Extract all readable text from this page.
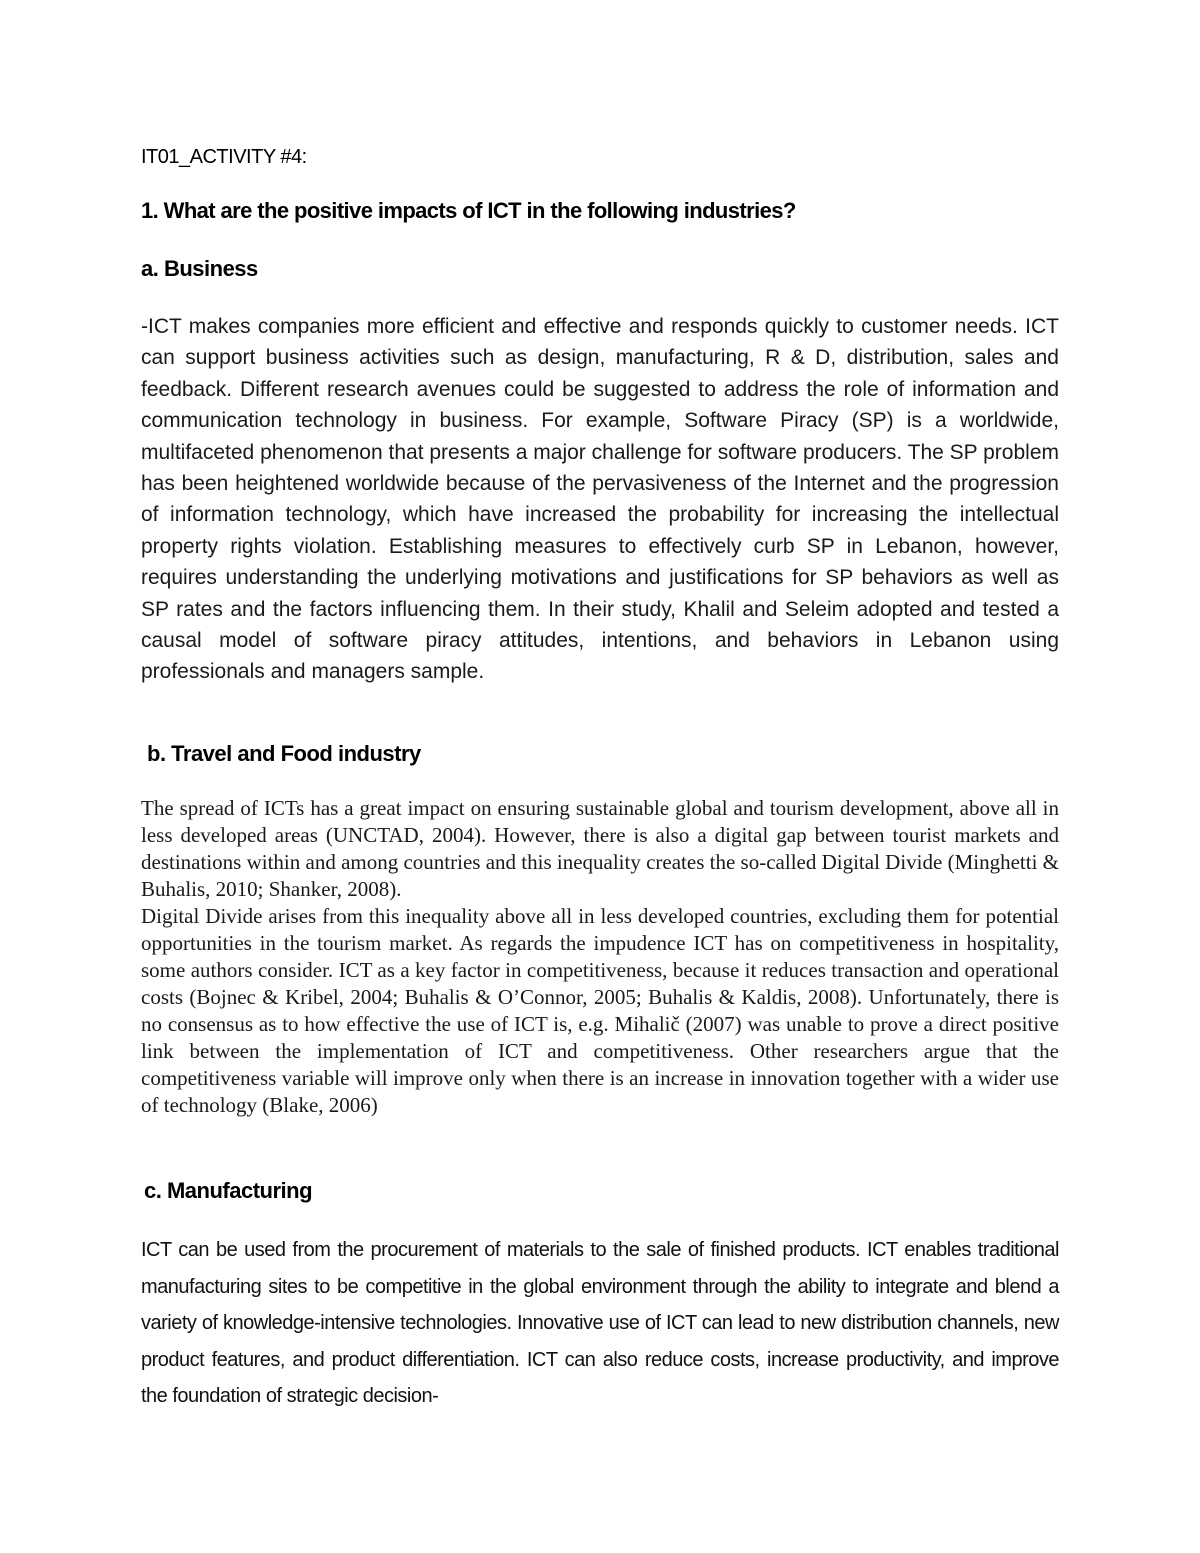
IT01_ACTIVITY #4:

1. What are the positive impacts of ICT in the following industries?

a. Business

-ICT makes companies more efficient and effective and responds quickly to customer needs. ICT can support business activities such as design, manufacturing, R & D, distribution, sales and feedback. Different research avenues could be suggested to address the role of information and communication technology in business. For example, Software Piracy (SP) is a worldwide, multifaceted phenomenon that presents a major challenge for software producers. The SP problem has been heightened worldwide because of the pervasiveness of the Internet and the progression of information technology, which have increased the probability for increasing the intellectual property rights violation. Establishing measures to effectively curb SP in Lebanon, however, requires understanding the underlying motivations and justifications for SP behaviors as well as SP rates and the factors influencing them. In their study, Khalil and Seleim adopted and tested a causal model of software piracy attitudes, intentions, and behaviors in Lebanon using professionals and managers sample.

b. Travel and Food industry

The spread of ICTs has a great impact on ensuring sustainable global and tourism development, above all in less developed areas (UNCTAD, 2004). However, there is also a digital gap between tourist markets and destinations within and among countries and this inequality creates the so-called Digital Divide (Minghetti & Buhalis, 2010; Shanker, 2008).

Digital Divide arises from this inequality above all in less developed countries, excluding them for potential opportunities in the tourism market. As regards the impudence ICT has on competitiveness in hospitality, some authors consider. ICT as a key factor in competitiveness, because it reduces transaction and operational costs (Bojnec & Kribel, 2004; Buhalis & O’Connor, 2005; Buhalis & Kaldis, 2008). Unfortunately, there is no consensus as to how effective the use of ICT is, e.g. Mihalič (2007) was unable to prove a direct positive link between the implementation of ICT and competitiveness. Other researchers argue that the competitiveness variable will improve only when there is an increase in innovation together with a wider use of technology (Blake, 2006)

c. Manufacturing

ICT can be used from the procurement of materials to the sale of finished products. ICT enables traditional manufacturing sites to be competitive in the global environment through the ability to integrate and blend a variety of knowledge-intensive technologies. Innovative use of ICT can lead to new distribution channels, new product features, and product differentiation. ICT can also reduce costs, increase productivity, and improve the foundation of strategic decision-
